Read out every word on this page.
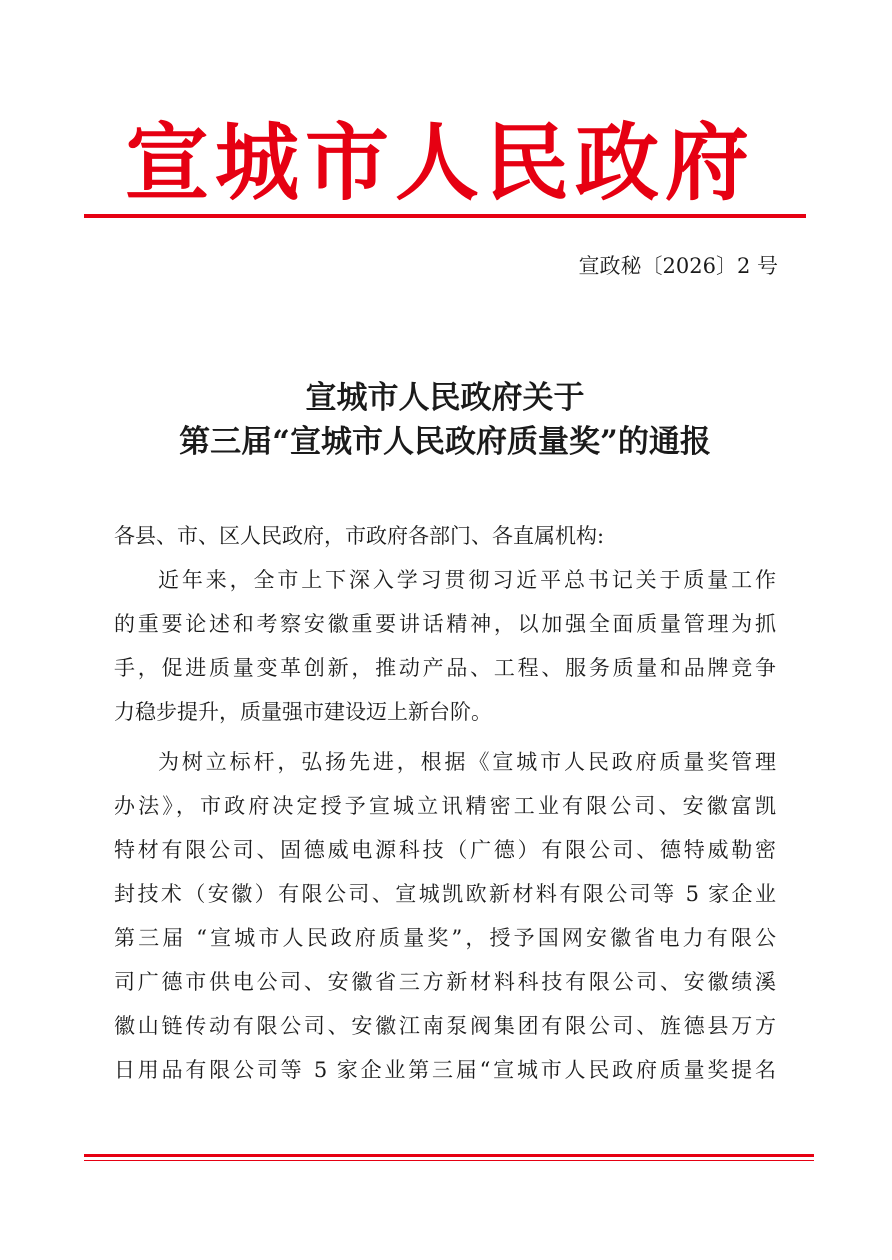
宣城市人民政府
宣政秘〔2026〕2 号
宣城市人民政府关于
第三届“宣城市人民政府质量奖”的通报
各县、市、区人民政府，市政府各部门、各直属机构:
近年来，全市上下深入学习贯彻习近平总书记关于质量工作
的重要论述和考察安徽重要讲话精神，以加强全面质量管理为抓
手，促进质量变革创新，推动产品、工程、服务质量和品牌竞争
力稳步提升，质量强市建设迈上新台阶。
为树立标杆，弘扬先进，根据《宣城市人民政府质量奖管理
办法》，市政府决定授予宣城立讯精密工业有限公司、安徽富凯
特材有限公司、固德威电源科技（广德）有限公司、德特威勒密
封技术（安徽）有限公司、宣城凯欧新材料有限公司等 5 家企业
第三届 “宣城市人民政府质量奖”，授予国网安徽省电力有限公
司广德市供电公司、安徽省三方新材料科技有限公司、安徽绩溪
徽山链传动有限公司、安徽江南泵阀集团有限公司、旌德县万方
日用品有限公司等 5 家企业第三届“宣城市人民政府质量奖提名
